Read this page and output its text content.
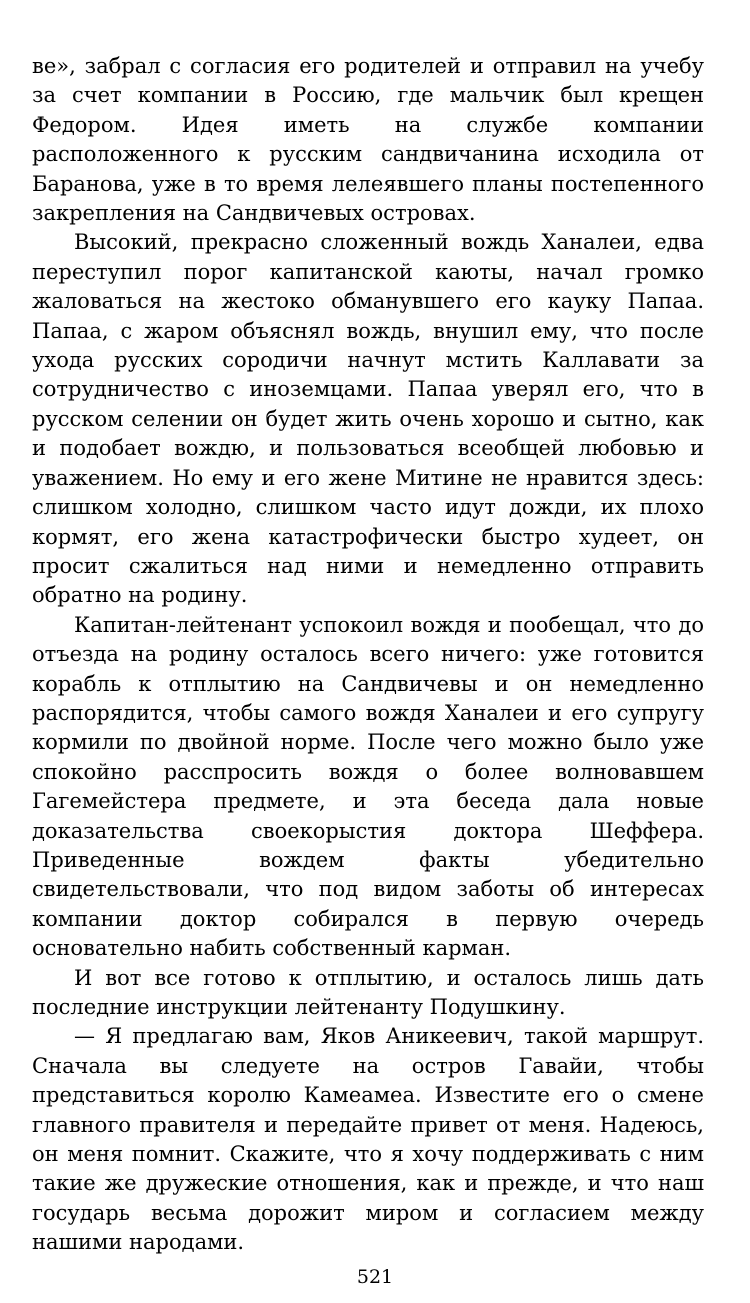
ве», забрал с согласия его родителей и отправил на учебу за счет компании в Россию, где мальчик был крещен Федором. Идея иметь на службе компании расположенного к русским сандвичанина исходила от Баранова, уже в то время лелеявшего планы постепенного закрепления на Сандвичевых островах.

Высокий, прекрасно сложенный вождь Ханалеи, едва переступил порог капитанской каюты, начал громко жаловаться на жестоко обманувшего его кауку Папаа. Папаа, с жаром объяснял вождь, внушил ему, что после ухода русских сородичи начнут мстить Каллавати за сотрудничество с иноземцами. Папаа уверял его, что в русском селении он будет жить очень хорошо и сытно, как и подобает вождю, и пользоваться всеобщей любовью и уважением. Но ему и его жене Митине не нравится здесь: слишком холодно, слишком часто идут дожди, их плохо кормят, его жена катастрофически быстро худеет, он просит сжалиться над ними и немедленно отправить обратно на родину.

Капитан-лейтенант успокоил вождя и пообещал, что до отъезда на родину осталось всего ничего: уже готовится корабль к отплытию на Сандвичевы и он немедленно распорядится, чтобы самого вождя Ханалеи и его супругу кормили по двойной норме. После чего можно было уже спокойно расспросить вождя о более волновавшем Гагемейстера предмете, и эта беседа дала новые доказательства своекорыстия доктора Шеффера. Приведенные вождем факты убедительно свидетельствовали, что под видом заботы об интересах компании доктор собирался в первую очередь основательно набить собственный карман.

И вот все готово к отплытию, и осталось лишь дать последние инструкции лейтенанту Подушкину.

— Я предлагаю вам, Яков Аникеевич, такой маршрут. Сначала вы следуете на остров Гавайи, чтобы представиться королю Камеамеа. Известите его о смене главного правителя и передайте привет от меня. Надеюсь, он меня помнит. Скажите, что я хочу поддерживать с ним такие же дружеские отношения, как и прежде, и что наш государь весьма дорожит миром и согласием между нашими народами.

521
